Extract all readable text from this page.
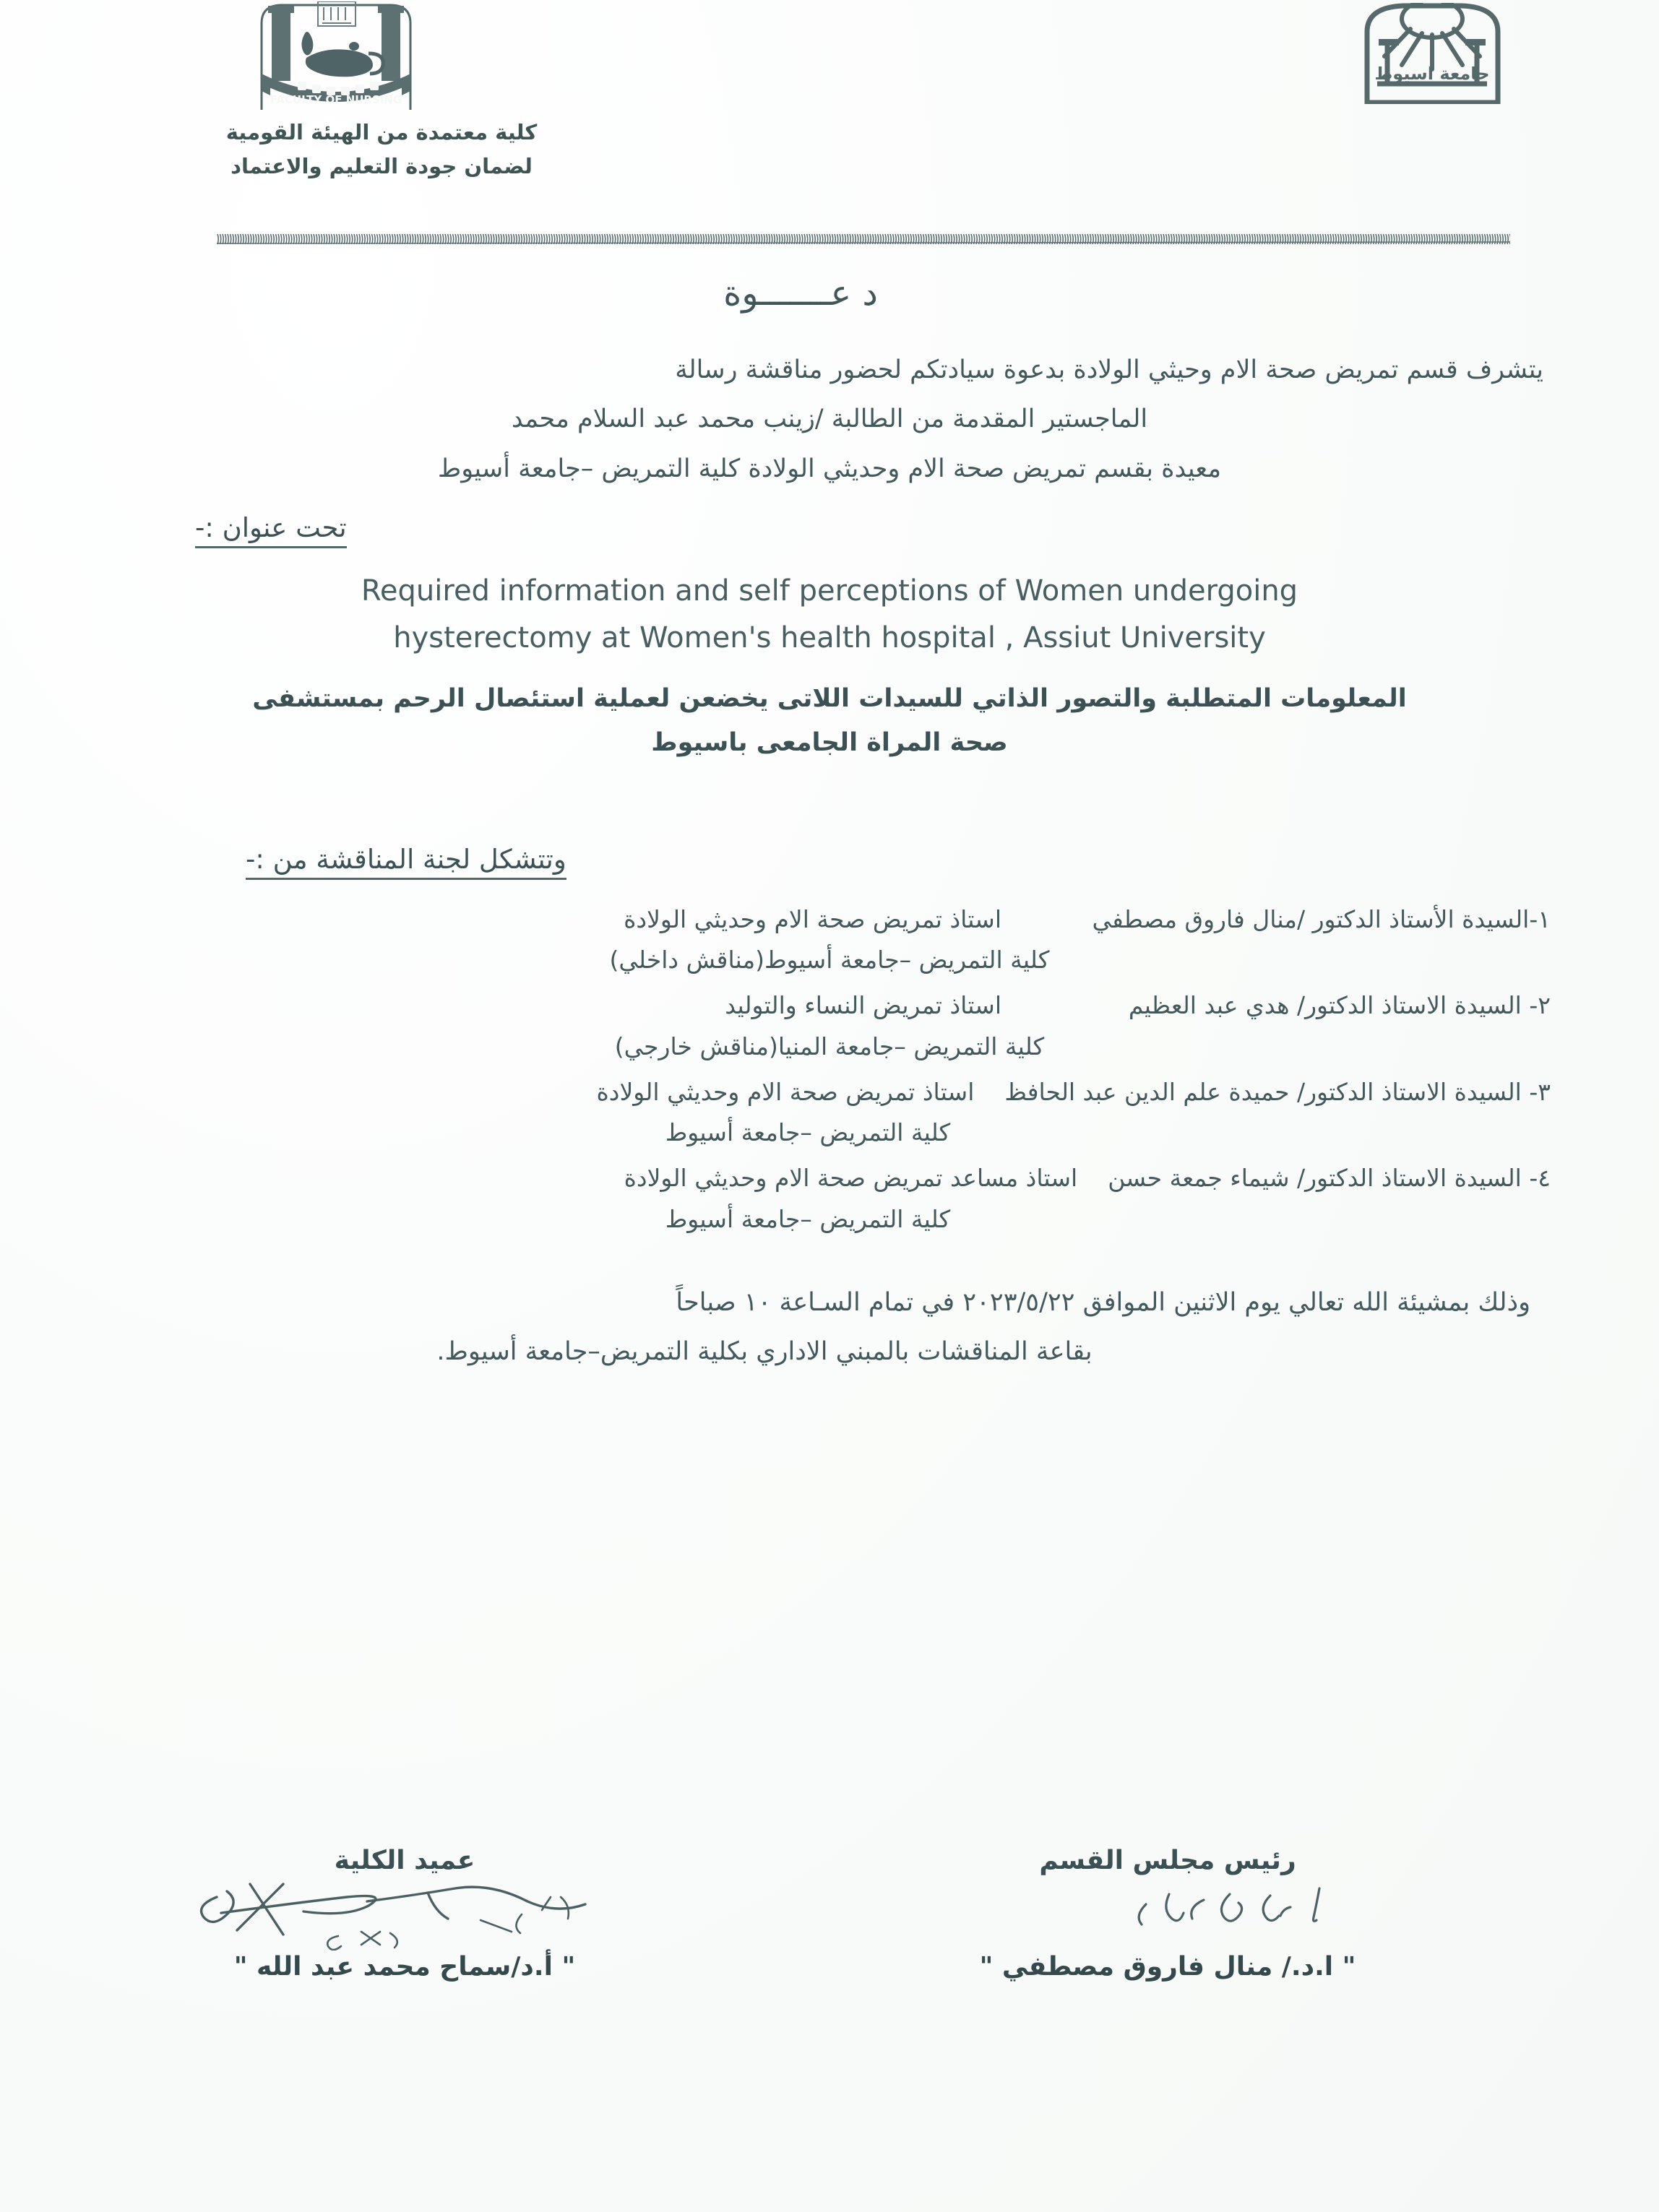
FACULTY OF NURSING
جامعة اسيوط
كلية معتمدة من الهيئة القومية
لضمان جودة التعليم والاعتماد
د عـــــــوة
يتشرف قسم تمريض صحة الام وحيثي الولادة بدعوة سيادتكم لحضور مناقشة رسالة
الماجستير المقدمة من الطالبة /زينب محمد عبد السلام محمد
معيدة بقسم تمريض صحة الام وحديثي الولادة كلية التمريض –جامعة أسيوط
تحت عنوان :-
Required information and self perceptions of Women undergoing
hysterectomy at Women's health hospital , Assiut University
المعلومات المتطلبة والتصور الذاتي للسيدات اللاتى يخضعن لعملية استئصال الرحم بمستشفى
صحة المراة الجامعى باسيوط
وتتشكل لجنة المناقشة من :-
١-السيدة الأستاذ الدكتور /منال فاروق مصطفي
استاذ تمريض صحة الام وحديثي الولادة
كلية التمريض –جامعة أسيوط(مناقش داخلي)
٢- السيدة الاستاذ الدكتور/ هدي عبد العظيم
استاذ تمريض النساء والتوليد
كلية التمريض –جامعة المنيا(مناقش خارجي)
٣- السيدة الاستاذ الدكتور/ حميدة علم الدين عبد الحافظ
استاذ تمريض صحة الام وحديثي الولادة
كلية التمريض –جامعة أسيوط
٤- السيدة الاستاذ الدكتور/ شيماء جمعة حسن
استاذ مساعد تمريض صحة الام وحديثي الولادة
كلية التمريض –جامعة أسيوط
وذلك بمشيئة الله تعالي يوم الاثنين الموافق ٢٠٢٣/٥/٢٢ في تمام السـاعة ١٠ صباحاً
بقاعة المناقشات بالمبني الاداري بكلية التمريض–جامعة أسيوط.
رئيس مجلس القسم
" ا.د./ منال فاروق مصطفي "
عميد الكلية
" أ.د/سماح محمد عبد الله "
